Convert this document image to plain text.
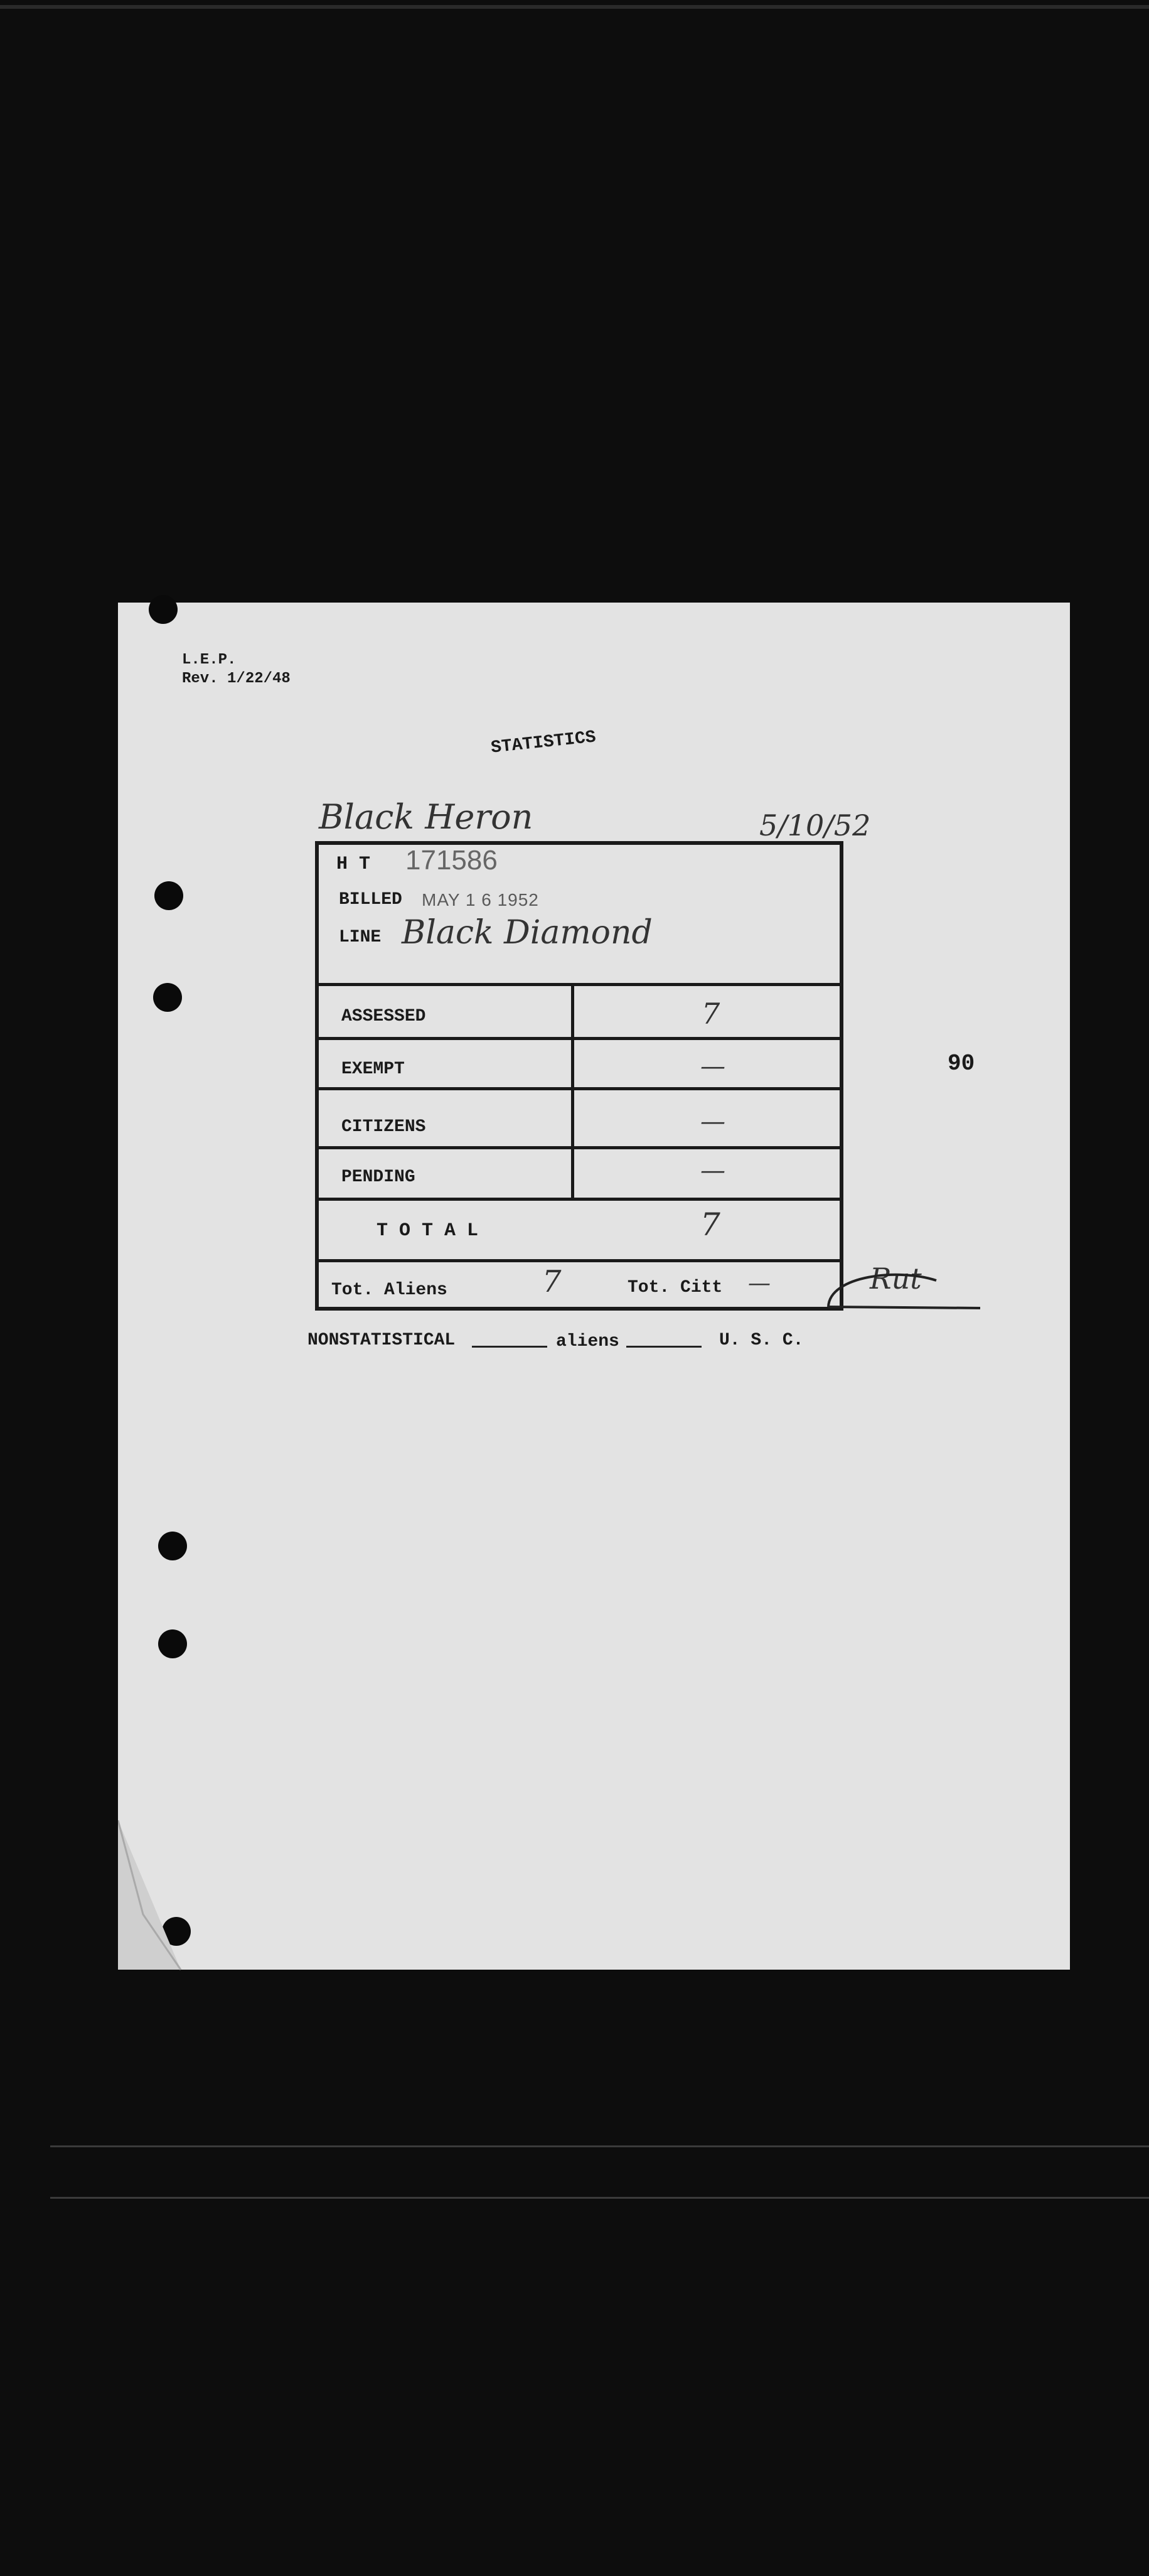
L.E.P.
Rev. 1/22/48
STATISTICS
Black Heron	5/10/52
H T 171586
BILLED MAY 1 6 1952
LINE Black Diamond
ASSESSED	7
EXEMPT	—
CITIZENS	—
PENDING	—
T O T A L	7
Tot. Aliens	7	Tot. Citt —	Rut
NONSTATISTICAL	aliens	U. S. C.
90
